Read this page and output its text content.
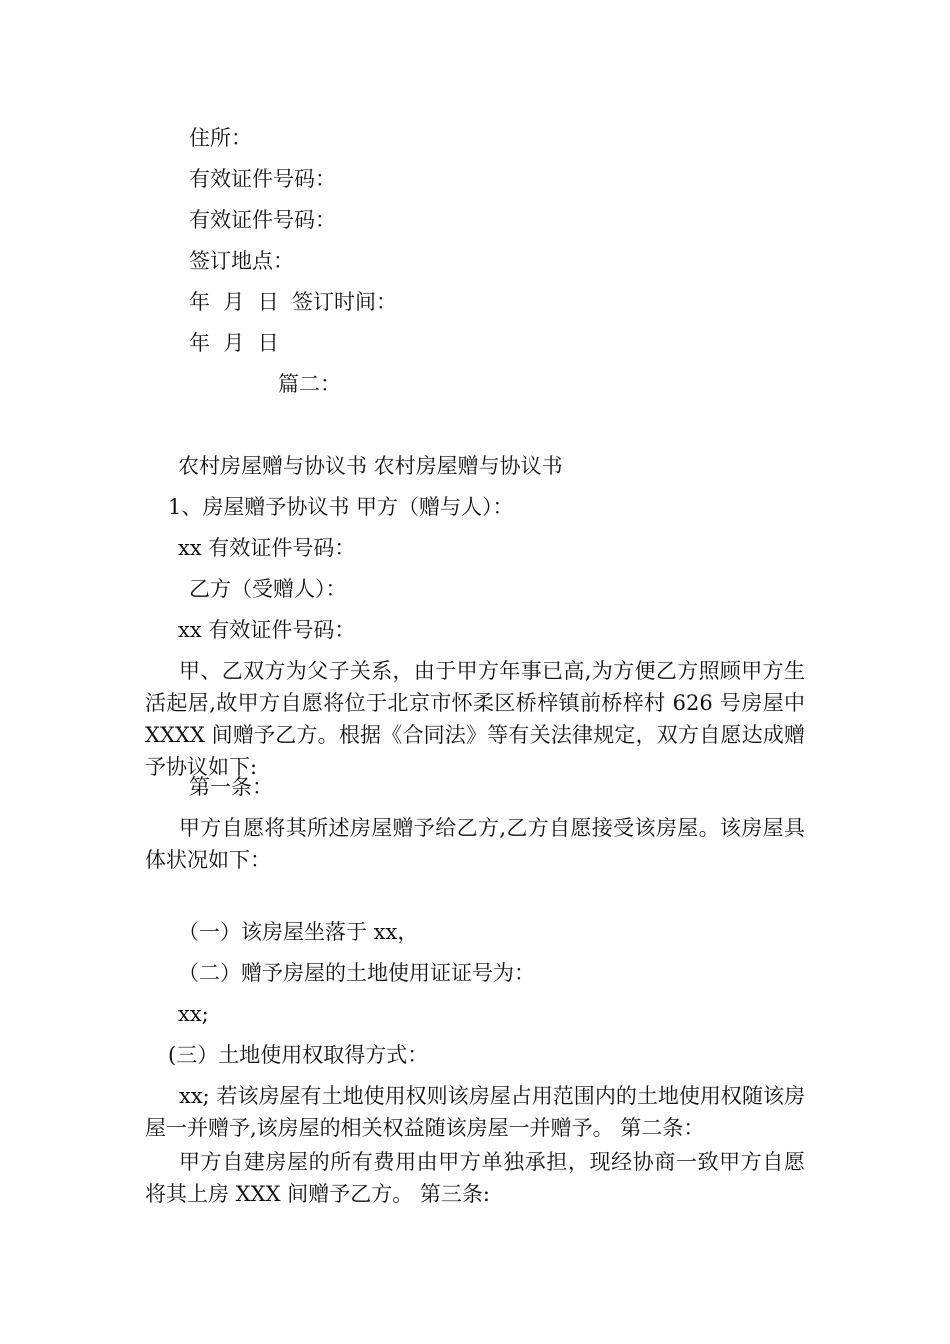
住所：
有效证件号码：
有效证件号码：
签订地点：
年  月  日  签订时间：
年  月  日
篇二：
农村房屋赠与协议书 农村房屋赠与协议书
1、房屋赠予协议书 甲方（赠与人）：
xx 有效证件号码：
乙方（受赠人）：
xx 有效证件号码：
甲、乙双方为父子关系，由于甲方年事已高,为方便乙方照顾甲方生活起居,故甲方自愿将位于北京市怀柔区桥梓镇前桥梓村 626 号房屋中 XXXX 间赠予乙方。根据《合同法》等有关法律规定，双方自愿达成赠予协议如下:
第一条：
甲方自愿将其所述房屋赠予给乙方,乙方自愿接受该房屋。该房屋具体状况如下：
（一）该房屋坐落于 xx，
（二）赠予房屋的土地使用证证号为：
xx;
(三）土地使用权取得方式：
xx; 若该房屋有土地使用权则该房屋占用范围内的土地使用权随该房屋一并赠予,该房屋的相关权益随该房屋一并赠予。 第二条：
甲方自建房屋的所有费用由甲方单独承担，现经协商一致甲方自愿将其上房 XXX 间赠予乙方。 第三条:
